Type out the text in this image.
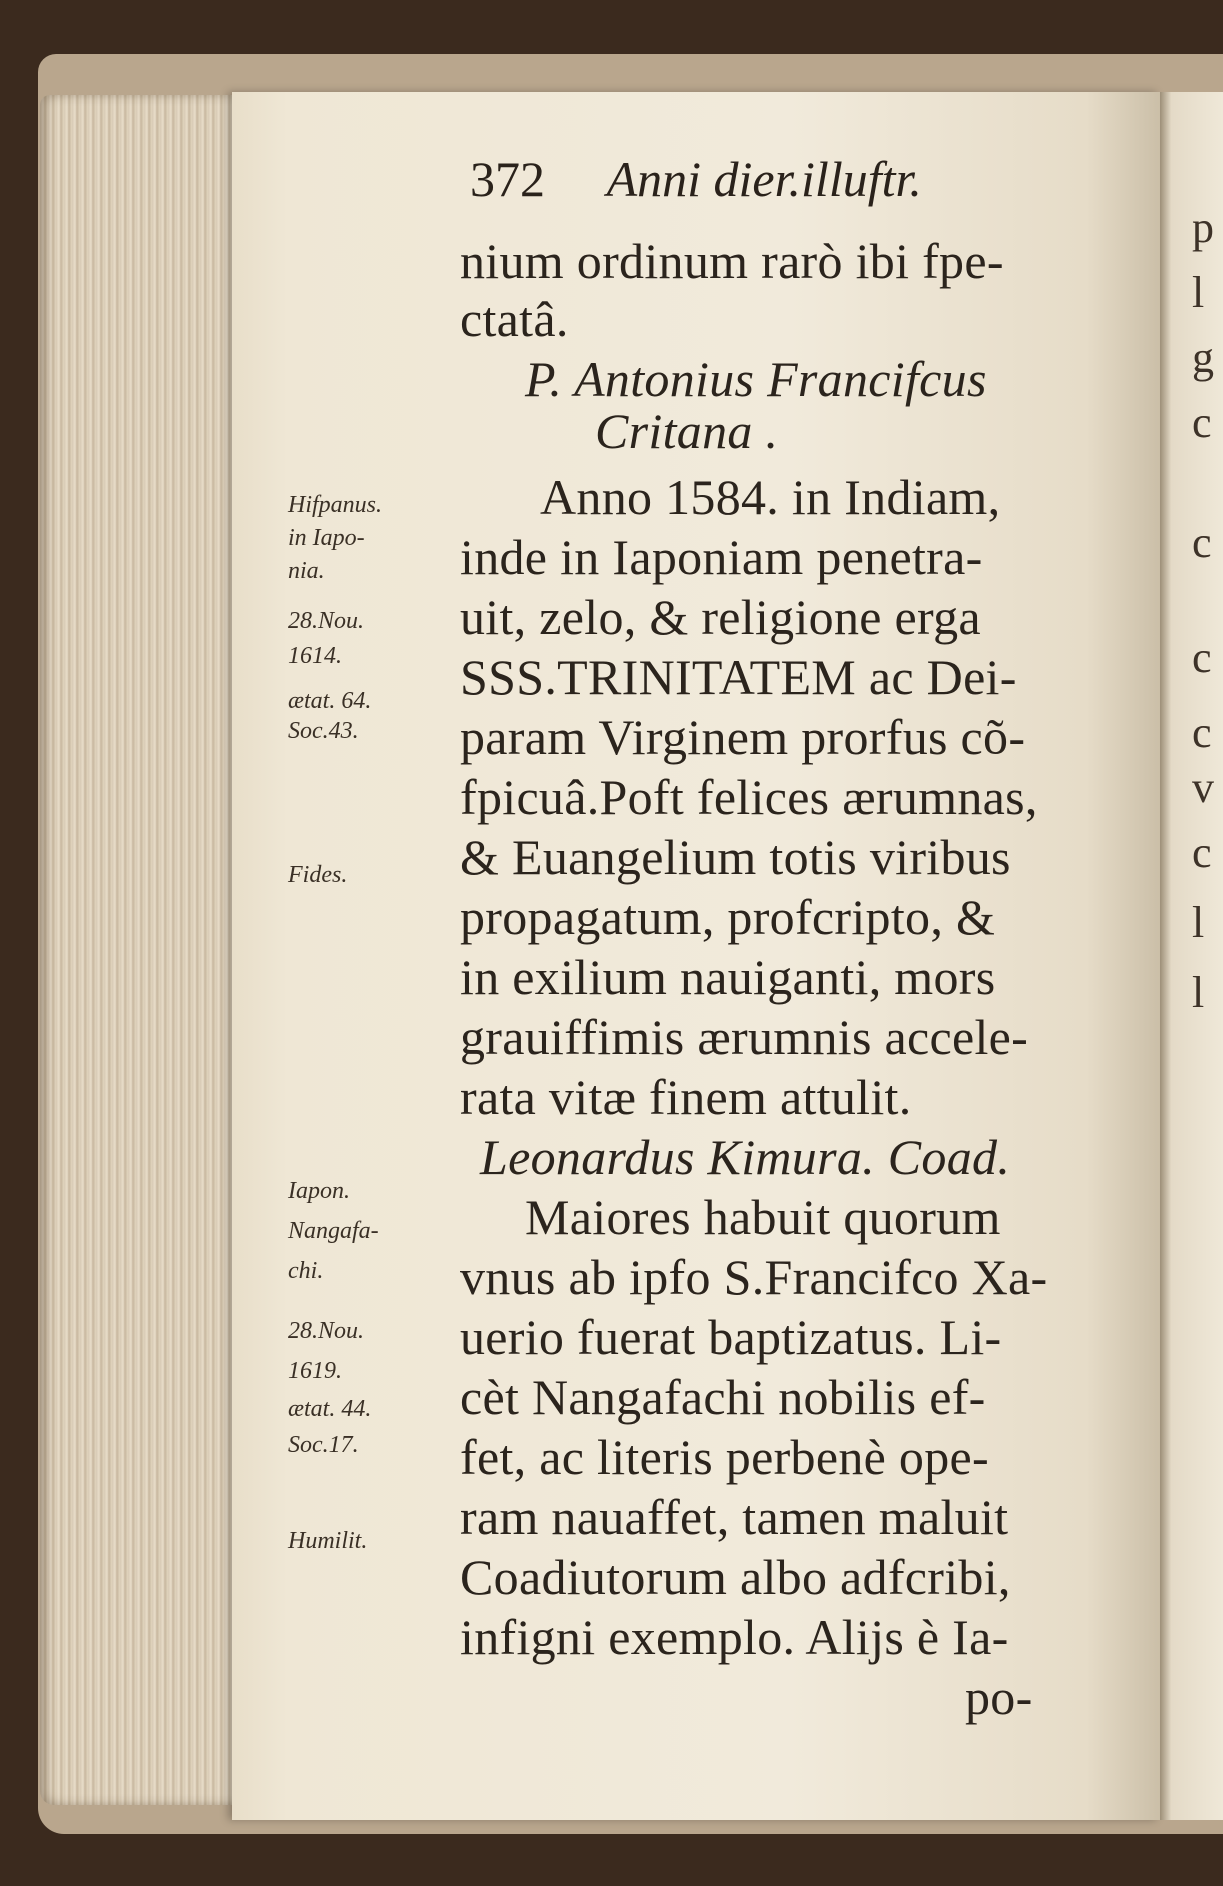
p
l
g
c
c
c
c
v
c
l
l
372 Anni dier.illuftr.
nium ordinum rarò ibi fpe-
ctatâ.
P. Antonius Francifcus
Critana .
Anno 1584. in Indiam,
inde in Iaponiam penetra-
uit, zelo, & religione erga
SSS.TRINITATEM ac Dei-
param Virginem prorfus cõ-
fpicuâ.Poft felices ærumnas,
& Euangelium totis viribus
propagatum, profcripto, &
in exilium nauiganti, mors
grauiffimis ærumnis accele-
rata vitæ finem attulit.
Leonardus Kimura. Coad.
Maiores habuit quorum
vnus ab ipfo S.Francifco Xa-
uerio fuerat baptizatus. Li-
cèt Nangafachi nobilis ef-
fet, ac literis perbenè ope-
ram nauaffet, tamen maluit
Coadiutorum albo adfcribi,
infigni exemplo. Alijs è Ia-
po-
Hifpanus.
in Iapo-
nia.
28.Nou.
1614.
ætat. 64.
Soc.43.
Fides.
Iapon.
Nangafa-
chi.
28.Nou.
1619.
ætat. 44.
Soc.17.
Humilit.
